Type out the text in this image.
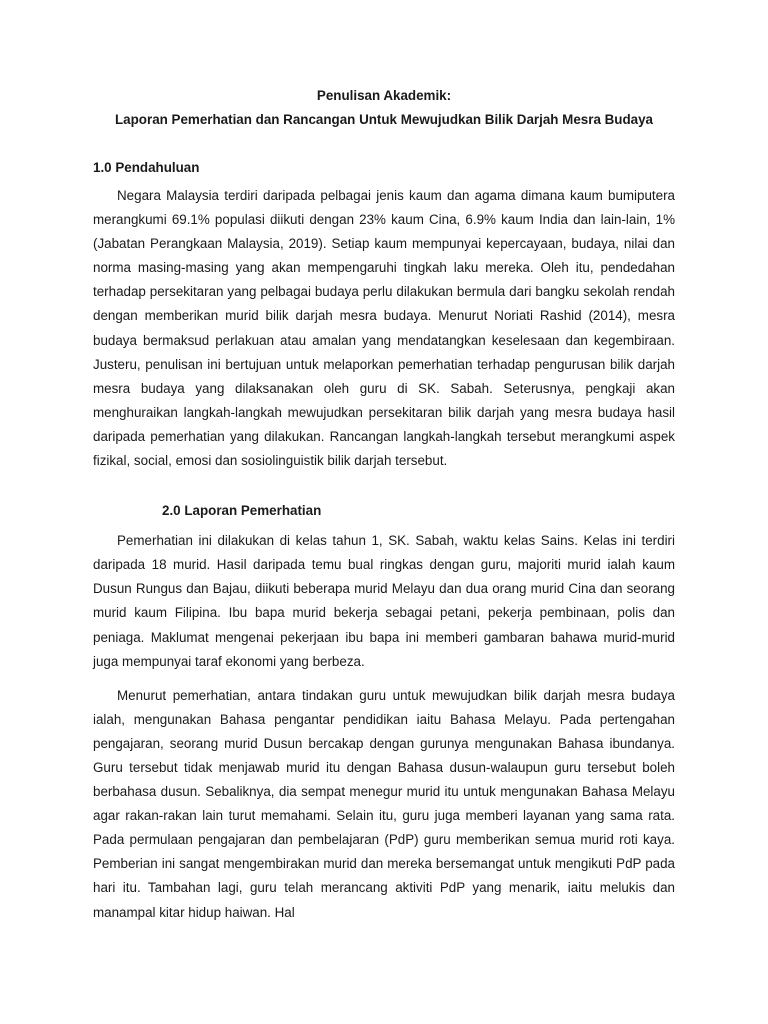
Penulisan Akademik:

Laporan Pemerhatian dan Rancangan Untuk Mewujudkan Bilik Darjah Mesra Budaya

1.0 Pendahuluan

Negara Malaysia terdiri daripada pelbagai jenis kaum dan agama dimana kaum bumiputera merangkumi 69.1% populasi diikuti dengan 23% kaum Cina, 6.9% kaum India dan lain-lain, 1% (Jabatan Perangkaan Malaysia, 2019). Setiap kaum mempunyai kepercayaan, budaya, nilai dan norma masing-masing yang akan mempengaruhi tingkah laku mereka. Oleh itu, pendedahan terhadap persekitaran yang pelbagai budaya perlu dilakukan bermula dari bangku sekolah rendah dengan memberikan murid bilik darjah mesra budaya. Menurut Noriati Rashid (2014), mesra budaya bermaksud perlakuan atau amalan yang mendatangkan keselesaan dan kegembiraan. Justeru, penulisan ini bertujuan untuk melaporkan pemerhatian terhadap pengurusan bilik darjah mesra budaya yang dilaksanakan oleh guru di SK. Sabah. Seterusnya, pengkaji akan menghuraikan langkah-langkah mewujudkan persekitaran bilik darjah yang mesra budaya hasil daripada pemerhatian yang dilakukan. Rancangan langkah-langkah tersebut merangkumi aspek fizikal, social, emosi dan sosiolinguistik bilik darjah tersebut.

2.0 Laporan Pemerhatian

Pemerhatian ini dilakukan di kelas tahun 1, SK. Sabah, waktu kelas Sains. Kelas ini terdiri daripada 18 murid. Hasil daripada temu bual ringkas dengan guru, majoriti murid ialah kaum Dusun Rungus dan Bajau, diikuti beberapa murid Melayu dan dua orang murid Cina dan seorang murid kaum Filipina. Ibu bapa murid bekerja sebagai petani, pekerja pembinaan, polis dan peniaga. Maklumat mengenai pekerjaan ibu bapa ini memberi gambaran bahawa murid-murid juga mempunyai taraf ekonomi yang berbeza.

Menurut pemerhatian, antara tindakan guru untuk mewujudkan bilik darjah mesra budaya ialah, mengunakan Bahasa pengantar pendidikan iaitu Bahasa Melayu. Pada pertengahan pengajaran, seorang murid Dusun bercakap dengan gurunya mengunakan Bahasa ibundanya. Guru tersebut tidak menjawab murid itu dengan Bahasa dusun-walaupun guru tersebut boleh berbahasa dusun. Sebaliknya, dia sempat menegur murid itu untuk mengunakan Bahasa Melayu agar rakan-rakan lain turut memahami. Selain itu, guru juga memberi layanan yang sama rata. Pada permulaan pengajaran dan pembelajaran (PdP) guru memberikan semua murid roti kaya. Pemberian ini sangat mengembirakan murid dan mereka bersemangat untuk mengikuti PdP pada hari itu. Tambahan lagi, guru telah merancang aktiviti PdP yang menarik, iaitu melukis dan manampal kitar hidup haiwan. Hal
